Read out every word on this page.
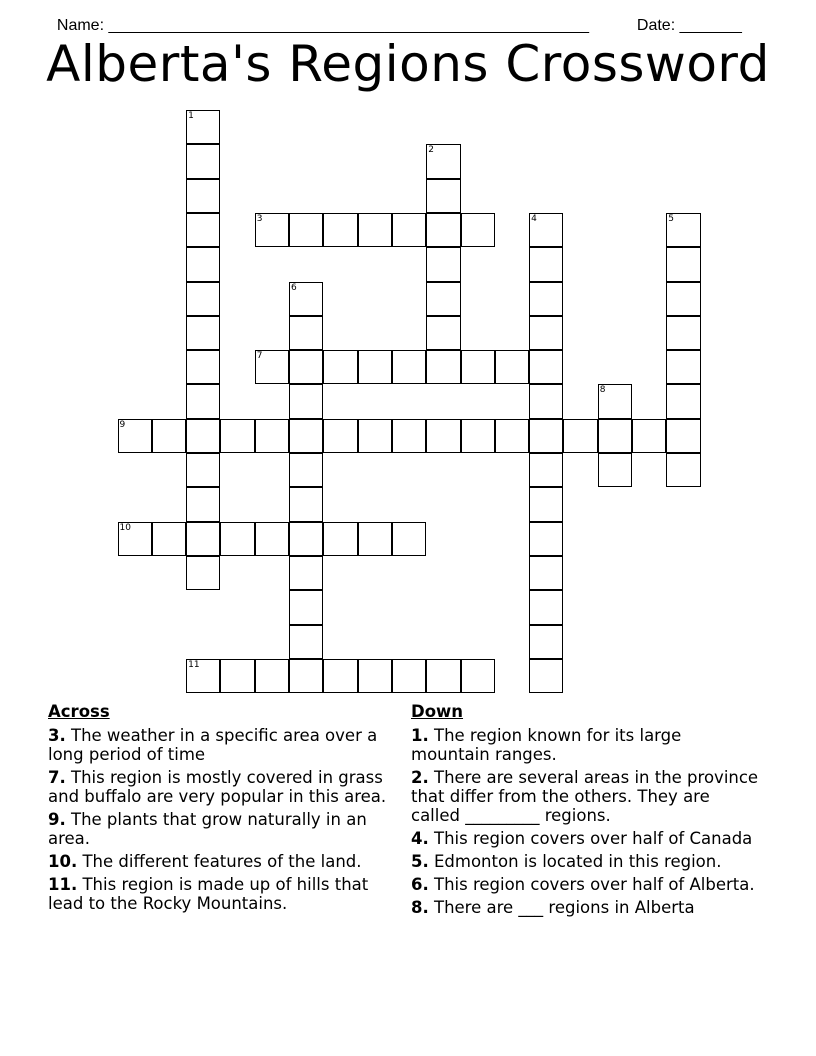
Name: ______________________________________________________	Date: _______

Alberta's Regions Crossword
1
2
3	4	5
6
7
8
9
10
11
Across
3. The weather in a specific area over a long period of time
7. This region is mostly covered in grass and buffalo are very popular in this area.
9. The plants that grow naturally in an area.
10. The different features of the land.
11. This region is made up of hills that lead to the Rocky Mountains.
Down
1. The region known for its large mountain ranges.
2. There are several areas in the province that differ from the others. They are called _________ regions.
4. This region covers over half of Canada
5. Edmonton is located in this region.
6. This region covers over half of Alberta.
8. There are ___ regions in Alberta
